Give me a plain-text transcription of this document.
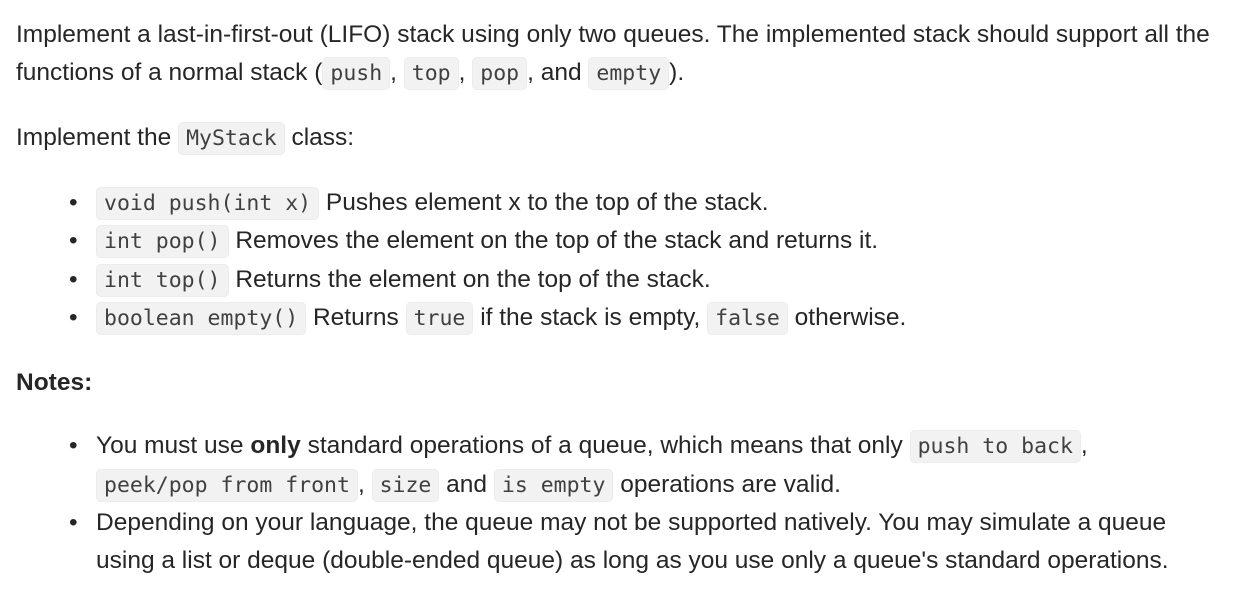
Implement a last-in-first-out (LIFO) stack using only two queues. The implemented stack should support all the functions of a normal stack ( push , top , pop , and empty ).

Implement the MyStack class:

• void push(int x) Pushes element x to the top of the stack.
• int pop() Removes the element on the top of the stack and returns it.
• int top() Returns the element on the top of the stack.
• boolean empty() Returns true if the stack is empty, false otherwise.

Notes:

• You must use only standard operations of a queue, which means that only push to back , peek/pop from front , size and is empty operations are valid.
• Depending on your language, the queue may not be supported natively. You may simulate a queue using a list or deque (double-ended queue) as long as you use only a queue's standard operations.
